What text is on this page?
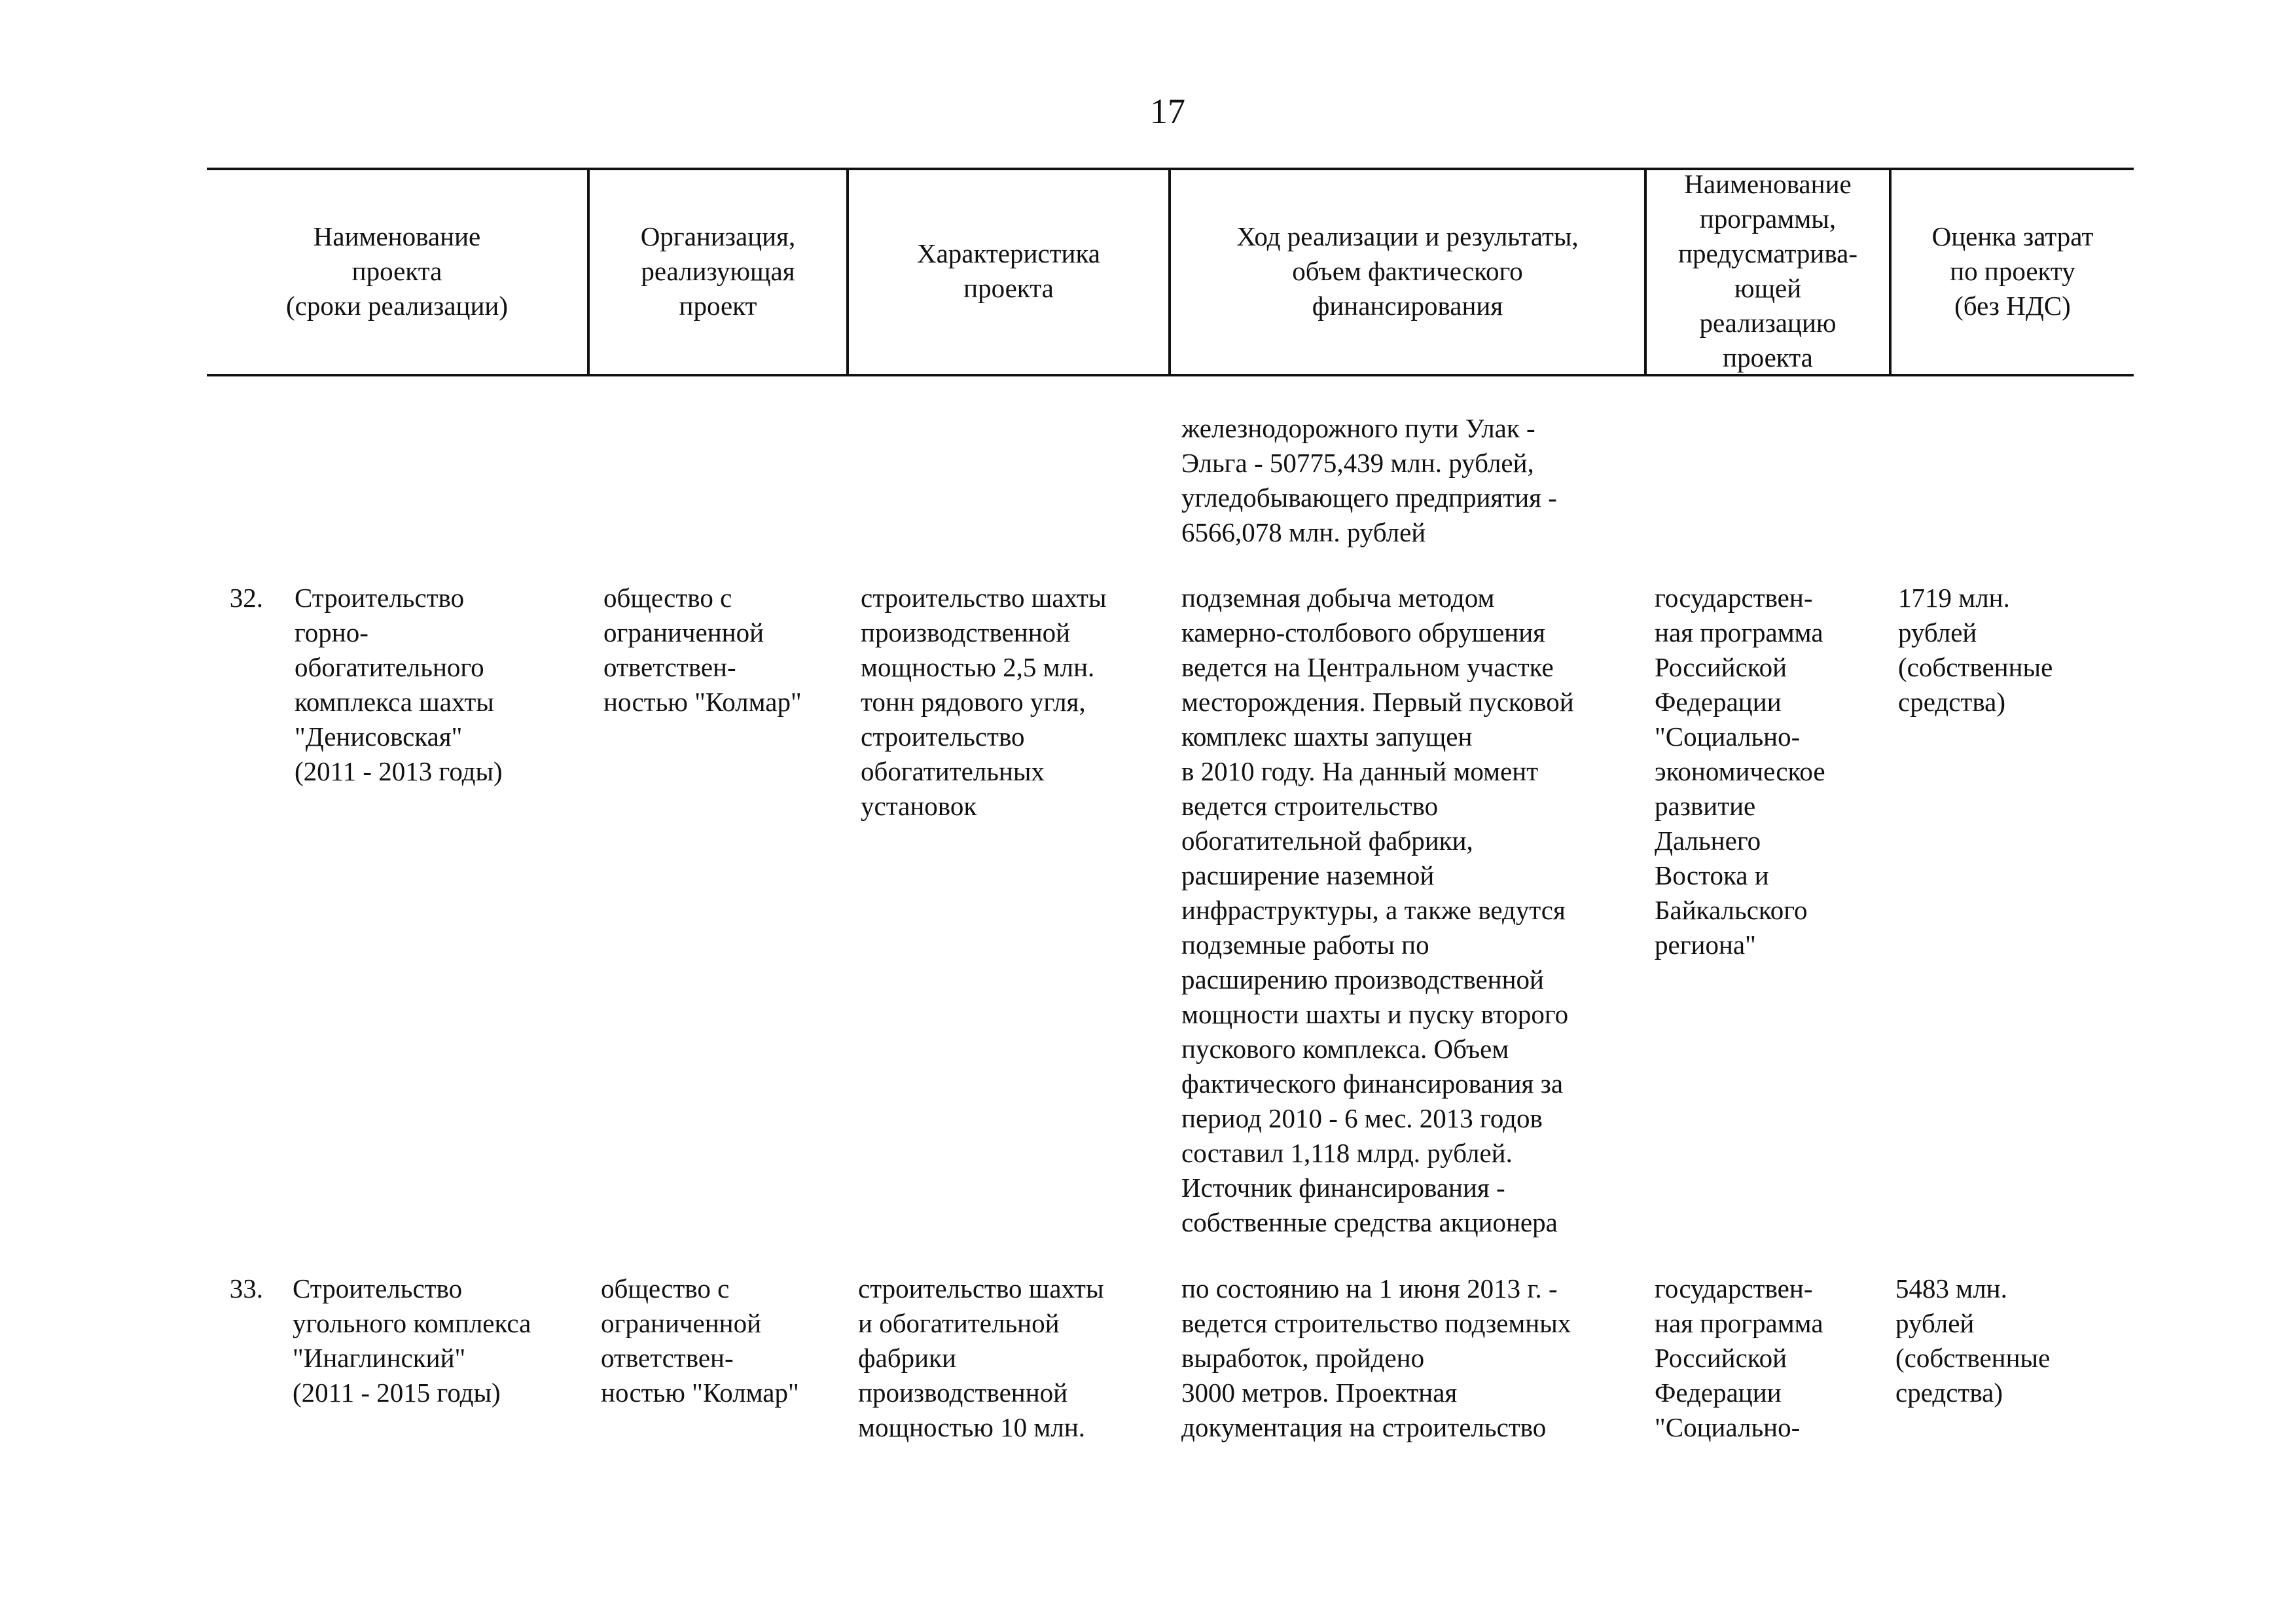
17
Наименование
проекта
(сроки реализации)
Организация,
реализующая
проект
Характеристика
проекта
Ход реализации и результаты,
объем фактического
финансирования
Наименование
программы,
предусматрива-
ющей
реализацию
проекта
Оценка затрат
по проекту
(без НДС)
железнодорожного пути Улак -
Эльга - 50775,439 млн. рублей,
угледобывающего предприятия -
6566,078 млн. рублей
32. Строительство
горно-
обогатительного
комплекса шахты
"Денисовская"
(2011 - 2013 годы)
общество с
ограниченной
ответствен-
ностью "Колмар"
строительство шахты
производственной
мощностью 2,5 млн.
тонн рядового угля,
строительство
обогатительных
установок
подземная добыча методом
камерно-столбового обрушения
ведется на Центральном участке
месторождения. Первый пусковой
комплекс шахты запущен
в 2010 году. На данный момент
ведется строительство
обогатительной фабрики,
расширение наземной
инфраструктуры, а также ведутся
подземные работы по
расширению производственной
мощности шахты и пуску второго
пускового комплекса. Объем
фактического финансирования за
период 2010 - 6 мес. 2013 годов
составил 1,118 млрд. рублей.
Источник финансирования -
собственные средства акционера
государствен-
ная программа
Российской
Федерации
"Социально-
экономическое
развитие
Дальнего
Востока и
Байкальского
региона"
1719 млн.
рублей
(собственные
средства)
33. Строительство
угольного комплекса
"Инаглинский"
(2011 - 2015 годы)
общество с
ограниченной
ответствен-
ностью "Колмар"
строительство шахты
и обогатительной
фабрики
производственной
мощностью 10 млн.
по состоянию на 1 июня 2013 г. -
ведется строительство подземных
выработок, пройдено
3000 метров. Проектная
документация на строительство
государствен-
ная программа
Российской
Федерации
"Социально-
5483 млн.
рублей
(собственные
средства)
